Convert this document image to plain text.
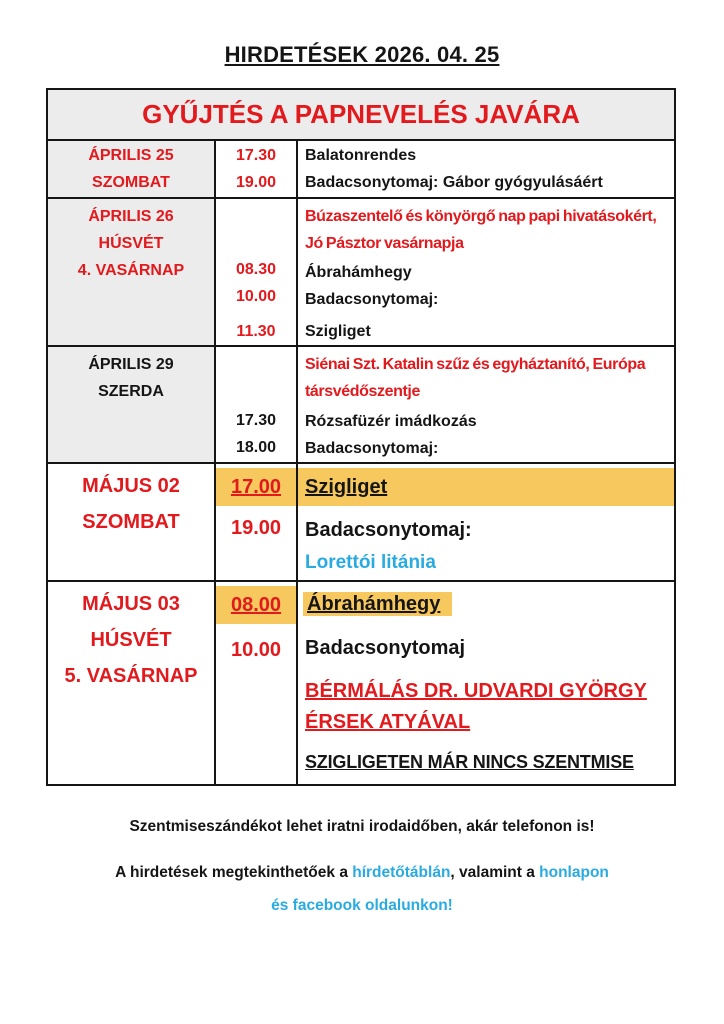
HIRDETÉSEK 2026. 04. 25
GYŰJTÉS A PAPNEVELÉS JAVÁRA
ÁPRILIS 25
SZOMBAT
17.30
19.00
Balatonrendes
Badacsonytomaj: Gábor gyógyulásáért
ÁPRILIS 26
HÚSVÉT
4. VASÁRNAP	08.30
10.00
11.30
Búzaszentelő és könyörgő nap papi hivatásokért, Jó Pásztor vasárnapja
Ábrahámhegy
Badacsonytomaj:
Szigliget
ÁPRILIS 29
SZERDA
17.30
18.00
Siénai Szt. Katalin szűz és egyháztanító, Európa társvédőszentje
Rózsafüzér imádkozás
Badacsonytomaj:
MÁJUS 02
SZOMBAT
17.00
19.00
Szigliget
Badacsonytomaj:
Lorettói litánia
MÁJUS 03
HÚSVÉT
5. VASÁRNAP
08.00
10.00
Ábrahámhegy
Badacsonytomaj
BÉRMÁLÁS DR. UDVARDI GYÖRGY ÉRSEK ATYÁVAL
SZIGLIGETEN MÁR NINCS SZENTMISE
Szentmiseszándékot lehet iratni irodaidőben, akár telefonon is!
A hirdetések megtekinthetőek a hírdetőtáblán, valamint a honlapon
és facebook oldalunkon!
